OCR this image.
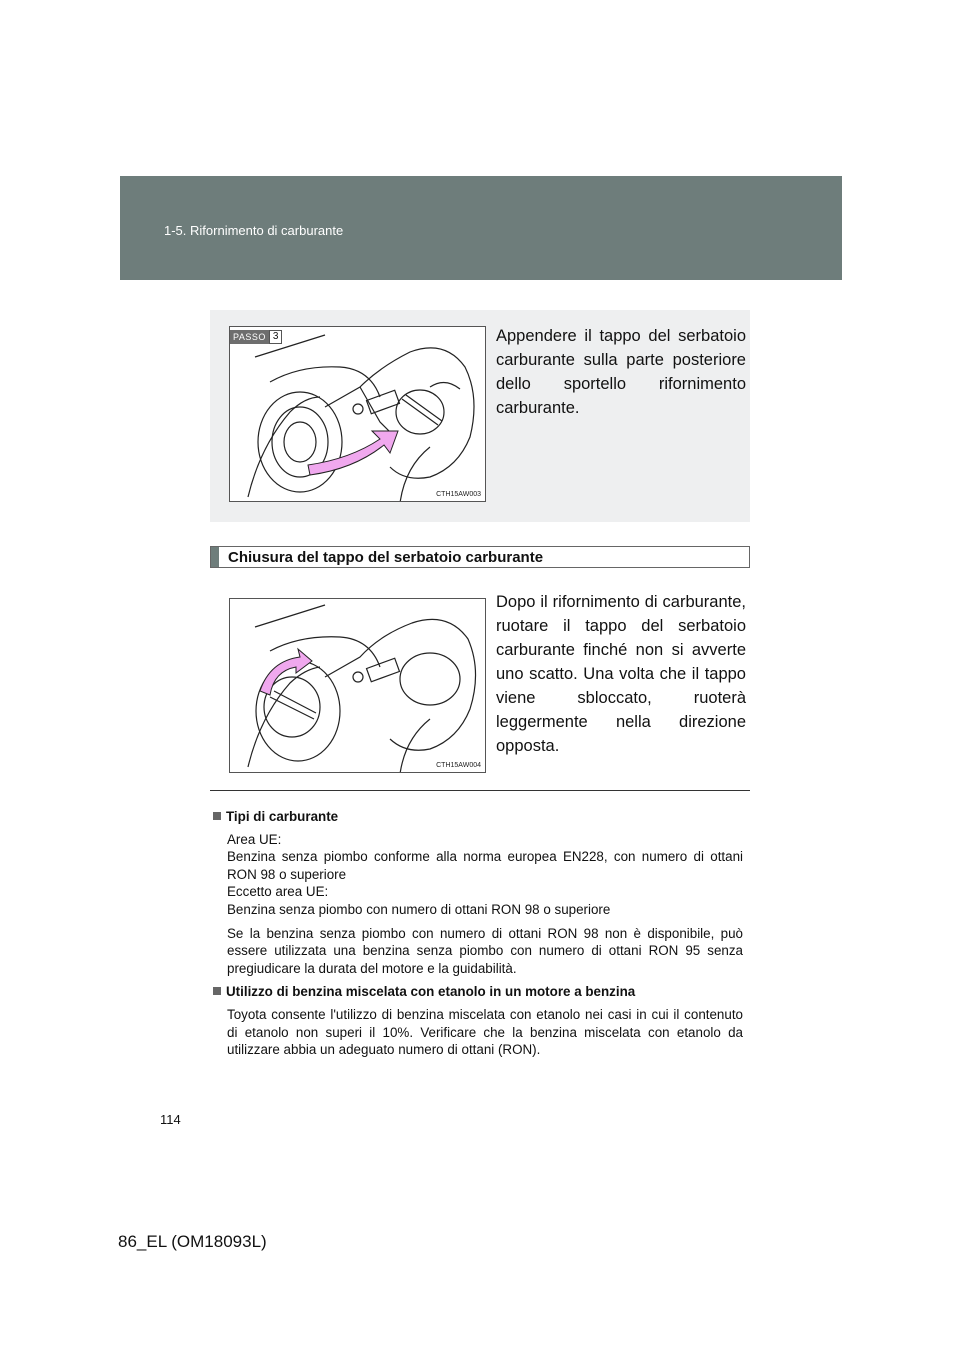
1-5. Rifornimento di carburante
CTH15AW003
PASSO 3	Appendere il tappo del serbatoio carburante sulla parte posteriore dello sportello rifornimento carburante.
Chiusura del tappo del serbatoio carburante
CTH15AW004
Dopo il rifornimento di carburante, ruotare il tappo del serbatoio carburante finché non si avverte uno scatto. Una volta che il tappo viene sbloccato, ruoterà leggermente nella direzione opposta.
Tipi di carburante
Area UE:
Benzina senza piombo conforme alla norma europea EN228, con numero di ottani RON 98 o superiore
Eccetto area UE:
Benzina senza piombo con numero di ottani RON 98 o superiore
Se la benzina senza piombo con numero di ottani RON 98 non è disponibile, può essere utilizzata una benzina senza piombo con numero di ottani RON 95 senza pregiudicare la durata del motore e la guidabilità.
Utilizzo di benzina miscelata con etanolo in un motore a benzina
Toyota consente l'utilizzo di benzina miscelata con etanolo nei casi in cui il contenuto di etanolo non superi il 10%. Verificare che la benzina miscelata con etanolo da utilizzare abbia un adeguato numero di ottani (RON).
114
86_EL (OM18093L)
